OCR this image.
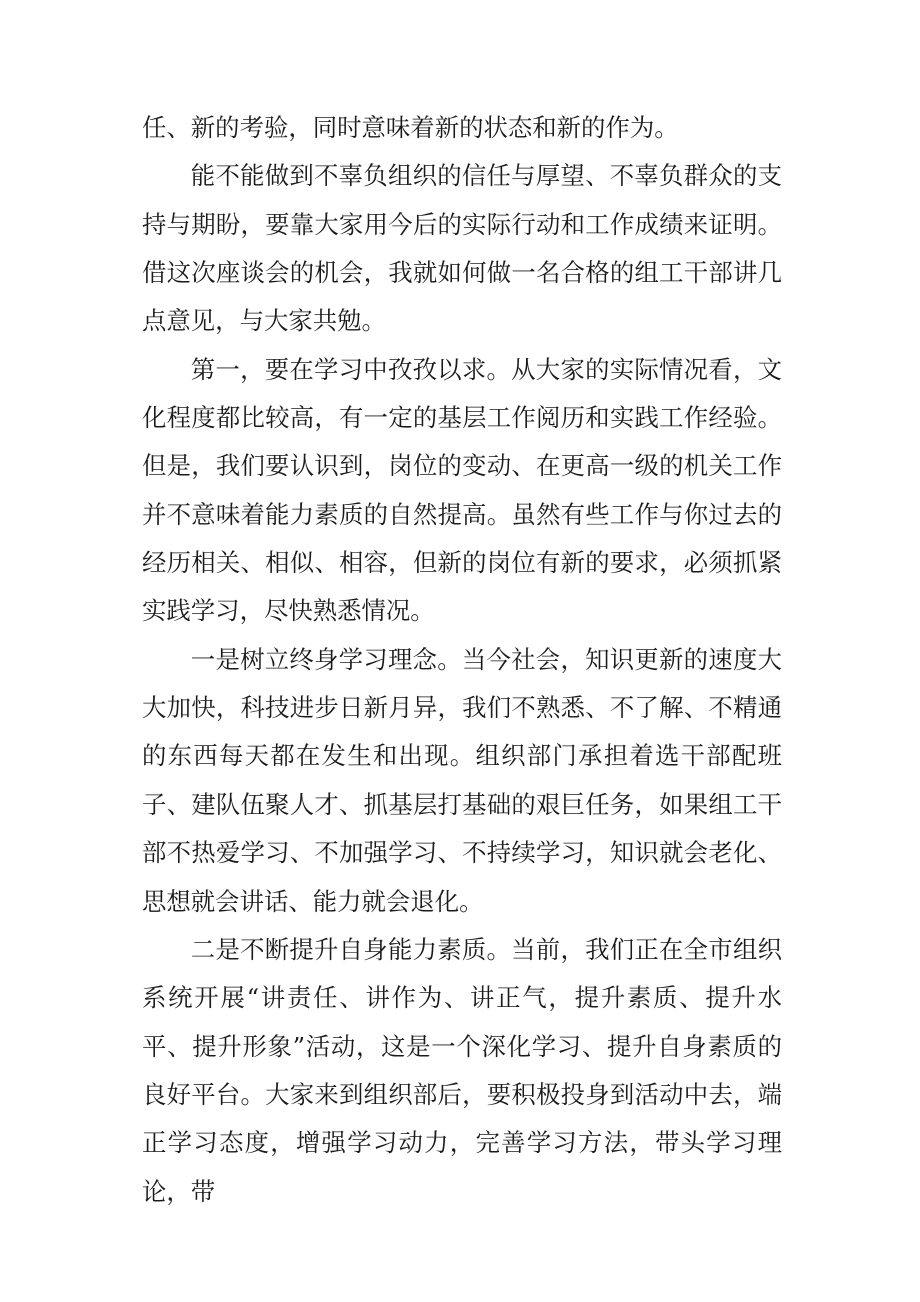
任、新的考验，同时意味着新的状态和新的作为。

能不能做到不辜负组织的信任与厚望、不辜负群众的支持与期盼，要靠大家用今后的实际行动和工作成绩来证明。借这次座谈会的机会，我就如何做一名合格的组工干部讲几点意见，与大家共勉。

第一，要在学习中孜孜以求。从大家的实际情况看，文化程度都比较高，有一定的基层工作阅历和实践工作经验。但是，我们要认识到，岗位的变动、在更高一级的机关工作并不意味着能力素质的自然提高。虽然有些工作与你过去的经历相关、相似、相容，但新的岗位有新的要求，必须抓紧实践学习，尽快熟悉情况。

一是树立终身学习理念。当今社会，知识更新的速度大大加快，科技进步日新月异，我们不熟悉、不了解、不精通的东西每天都在发生和出现。组织部门承担着选干部配班子、建队伍聚人才、抓基层打基础的艰巨任务，如果组工干部不热爱学习、不加强学习、不持续学习，知识就会老化、思想就会讲话、能力就会退化。

二是不断提升自身能力素质。当前，我们正在全市组织系统开展“讲责任、讲作为、讲正气，提升素质、提升水平、提升形象”活动，这是一个深化学习、提升自身素质的良好平台。大家来到组织部后，要积极投身到活动中去，端正学习态度，增强学习动力，完善学习方法，带头学习理论，带
